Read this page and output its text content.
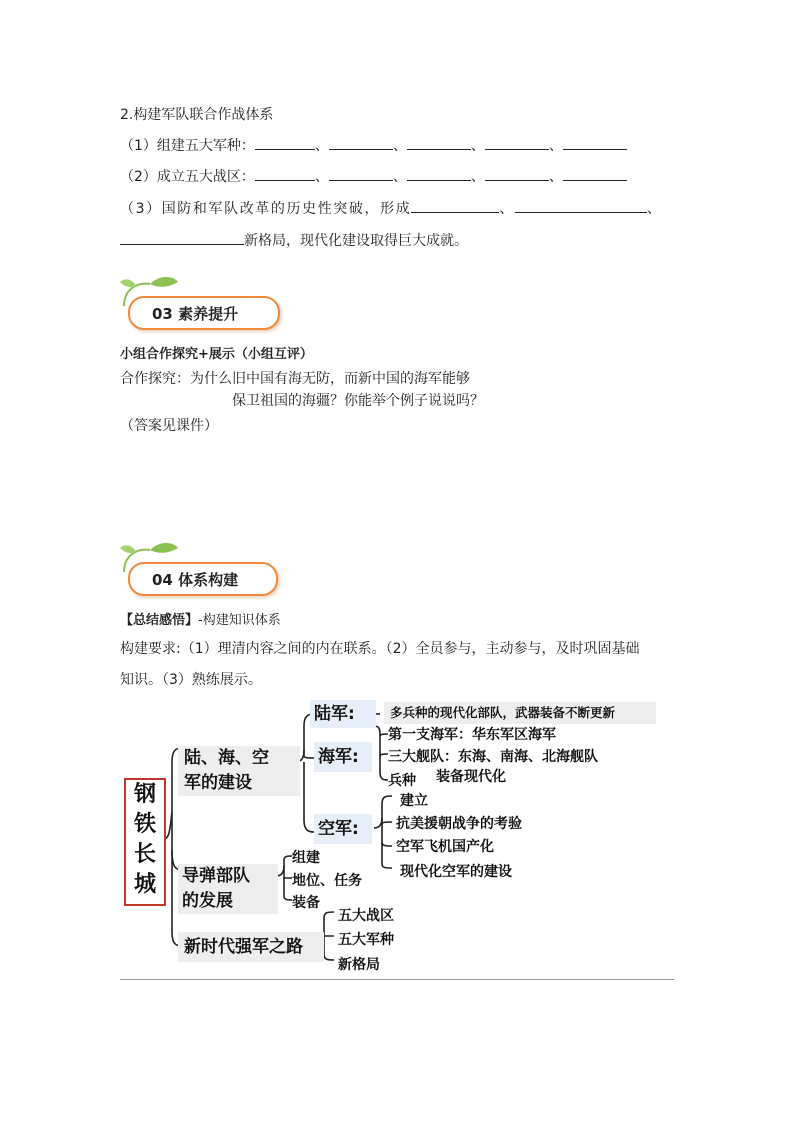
2.构建军队联合作战体系
（1）组建五大军种：	、	、	、	、
（2）成立五大战区：	、	、	、	、
（3）国防和军队改革的历史性突破，形成	、	、
新格局，现代化建设取得巨大成就。
03 素养提升
小组合作探究+展示（小组互评）
合作探究：为什么旧中国有海无防，而新中国的海军能够
保卫祖国的海疆？你能举个例子说说吗？
（答案见课件）
04 体系构建
【总结感悟】-构建知识体系
构建要求:（1）理清内容之间的内在联系。（2）全员参与，主动参与，及时巩固基础
知识。（3）熟练展示。
钢
铁
长
城
陆、海、空
军的建设
导弹部队
的发展
新时代强军之路
陆军:	多兵种的现代化部队，武器装备不断更新
海军:
第一支海军：华东军区海军
三大舰队：东海、南海、北海舰队
兵种 装备现代化
空军:
建立
抗美援朝战争的考验
空军飞机国产化
现代化空军的建设
组建
地位、任务
装备
五大战区
五大军种
新格局
